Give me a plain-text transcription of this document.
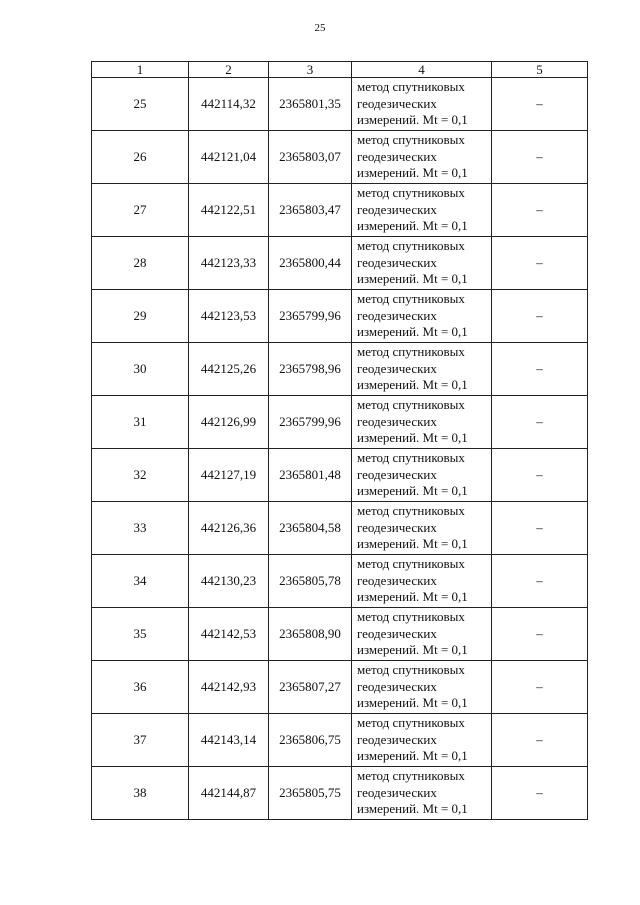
25
1	2	3	4	5
25	442114,32	2365801,35	метод спутниковых
геодезических
измерений. Mt = 0,1	–
26	442121,04	2365803,07	метод спутниковых
геодезических
измерений. Mt = 0,1	–
27	442122,51	2365803,47	метод спутниковых
геодезических
измерений. Mt = 0,1	–
28	442123,33	2365800,44	метод спутниковых
геодезических
измерений. Mt = 0,1	–
29	442123,53	2365799,96	метод спутниковых
геодезических
измерений. Mt = 0,1	–
30	442125,26	2365798,96	метод спутниковых
геодезических
измерений. Mt = 0,1	–
31	442126,99	2365799,96	метод спутниковых
геодезических
измерений. Mt = 0,1	–
32	442127,19	2365801,48	метод спутниковых
геодезических
измерений. Mt = 0,1	–
33	442126,36	2365804,58	метод спутниковых
геодезических
измерений. Mt = 0,1	–
34	442130,23	2365805,78	метод спутниковых
геодезических
измерений. Mt = 0,1	–
35	442142,53	2365808,90	метод спутниковых
геодезических
измерений. Mt = 0,1	–
36	442142,93	2365807,27	метод спутниковых
геодезических
измерений. Mt = 0,1	–
37	442143,14	2365806,75	метод спутниковых
геодезических
измерений. Mt = 0,1	–
38	442144,87	2365805,75	метод спутниковых
геодезических
измерений. Mt = 0,1	–
